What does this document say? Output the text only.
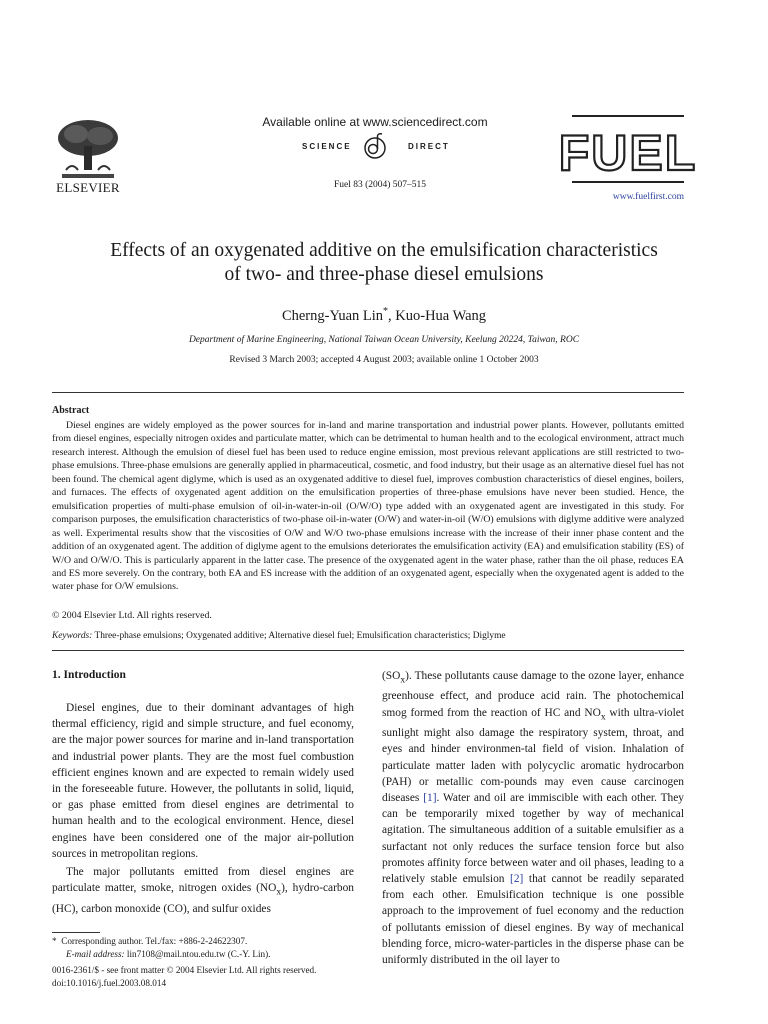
Available online at www.sciencedirect.com
SCIENCE	DIRECT
Fuel 83 (2004) 507–515
ELSEVIER
FUEL
www.fuelfirst.com
Effects of an oxygenated additive on the emulsification characteristics
of two- and three-phase diesel emulsions
Cherng-Yuan Lin*, Kuo-Hua Wang
Department of Marine Engineering, National Taiwan Ocean University, Keelung 20224, Taiwan, ROC
Revised 3 March 2003; accepted 4 August 2003; available online 1 October 2003
Abstract

Diesel engines are widely employed as the power sources for in-land and marine transportation and industrial power plants. However, pollutants emitted from diesel engines, especially nitrogen oxides and particulate matter, which can be detrimental to human health and to the ecological environment, attract much research interest. Although the emulsion of diesel fuel has been used to reduce engine emission, most previous relevant applications are still restricted to two-phase emulsions. Three-phase emulsions are generally applied in pharmaceutical, cosmetic, and food industry, but their usage as an alternative diesel fuel has not been found. The chemical agent diglyme, which is used as an oxygenated additive to diesel fuel, improves combustion characteristics of diesel engines, boilers, and furnaces. The effects of oxygenated agent addition on the emulsification properties of three-phase emulsions have never been studied. Hence, the emulsification properties of multi-phase emulsion of oil-in-water-in-oil (O/W/O) type added with an oxygenated agent are investigated in this study. For comparison purposes, the emulsification characteristics of two-phase oil-in-water (O/W) and water-in-oil (W/O) emulsions with diglyme additive were analyzed as well. Experimental results show that the viscosities of O/W and W/O two-phase emulsions increase with the increase of their inner phase content and the addition of an oxygenated agent. The addition of diglyme agent to the emulsions deteriorates the emulsification activity (EA) and emulsification stability (ES) of W/O and O/W/O. This is particularly apparent in the latter case. The presence of the oxygenated agent in the water phase, rather than the oil phase, reduces EA and ES more severely. On the contrary, both EA and ES increase with the addition of an oxygenated agent, especially when the oxygenated agent is added to the water phase for O/W emulsions.

© 2004 Elsevier Ltd. All rights reserved.
Keywords: Three-phase emulsions; Oxygenated additive; Alternative diesel fuel; Emulsification characteristics; Diglyme
1. Introduction

Diesel engines, due to their dominant advantages of high thermal efficiency, rigid and simple structure, and fuel economy, are the major power sources for marine and in-land transportation and industrial power plants. They are the most fuel combustion efficient engines known and are expected to remain widely used in the foreseeable future. However, the pollutants in solid, liquid, or gas phase emitted from diesel engines are detrimental to human health and to the ecological environment. Hence, diesel engines have been considered one of the major air-pollution sources in metropolitan regions.

The major pollutants emitted from diesel engines are particulate matter, smoke, nitrogen oxides $(NO_x)$, hydro-carbon (HC), carbon monoxide (CO), and sulfur oxides

$(SO_x)$. These pollutants cause damage to the ozone layer, enhance greenhouse effect, and produce acid rain. The photochemical smog formed from the reaction of HC and $NO_x$ with ultra-violet sunlight might also damage the respiratory system, throat, and eyes and hinder environmen-tal field of vision. Inhalation of particulate matter laden with polycyclic aromatic hydrocarbon (PAH) or metallic com-pounds may even cause carcinogen diseases [1]. Water and oil are immiscible with each other. They can be temporarily mixed together by way of mechanical agitation. The simultaneous addition of a suitable emulsifier as a surfactant not only reduces the surface tension force but also promotes affinity force between water and oil phases, leading to a relatively stable emulsion [2] that cannot be readily separated from each other. Emulsification technique is one possible approach to the improvement of fuel economy and the reduction of pollutants emission of diesel engines. By way of mechanical blending force, micro-water-particles in the disperse phase can be uniformly distributed in the oil layer to

* Corresponding author. Tel./fax: +886-2-24622307.
E-mail address: lin7108@mail.ntou.edu.tw (C.-Y. Lin).
0016-2361/$ - see front matter © 2004 Elsevier Ltd. All rights reserved.
doi:10.1016/j.fuel.2003.08.014
